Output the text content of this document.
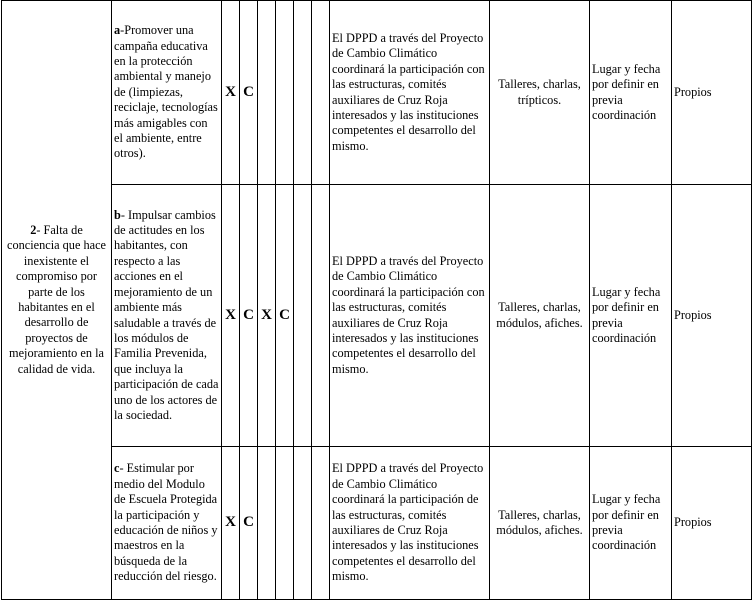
2- Falta de conciencia que hace inexistente el compromiso por parte de los habitantes en el desarrollo de proyectos de mejoramiento en la calidad de vida.	a-Promover una campaña educativa en la protección ambiental y manejo de (limpiezas, reciclaje, tecnologías más amigables con el ambiente, entre otros).	X	C					El DPPD a través del Proyecto de Cambio Climático coordinará la participación con las estructuras, comités auxiliares de Cruz Roja interesados y las instituciones competentes el desarrollo del mismo.	Talleres, charlas, trípticos.	Lugar y fecha por definir en previa coordinación	Propios
	b- Impulsar cambios de actitudes en los habitantes, con respecto a las acciones en el mejoramiento de un ambiente más saludable a través de los módulos de Familia Prevenida, que incluya la participación de cada uno de los actores de la sociedad.	X	C	X	C			El DPPD a través del Proyecto de Cambio Climático coordinará la participación con las estructuras, comités auxiliares de Cruz Roja interesados y las instituciones competentes el desarrollo del mismo.	Talleres, charlas, módulos, afiches.	Lugar y fecha por definir en previa coordinación	Propios
	c- Estimular por medio del Modulo de Escuela Protegida la participación y educación de niños y maestros en la búsqueda de la reducción del riesgo.	X	C					El DPPD a través del Proyecto de Cambio Climático coordinará la participación de las estructuras, comités auxiliares de Cruz Roja interesados y las instituciones competentes el desarrollo del mismo.	Talleres, charlas, módulos, afiches.	Lugar y fecha por definir en previa coordinación	Propios
